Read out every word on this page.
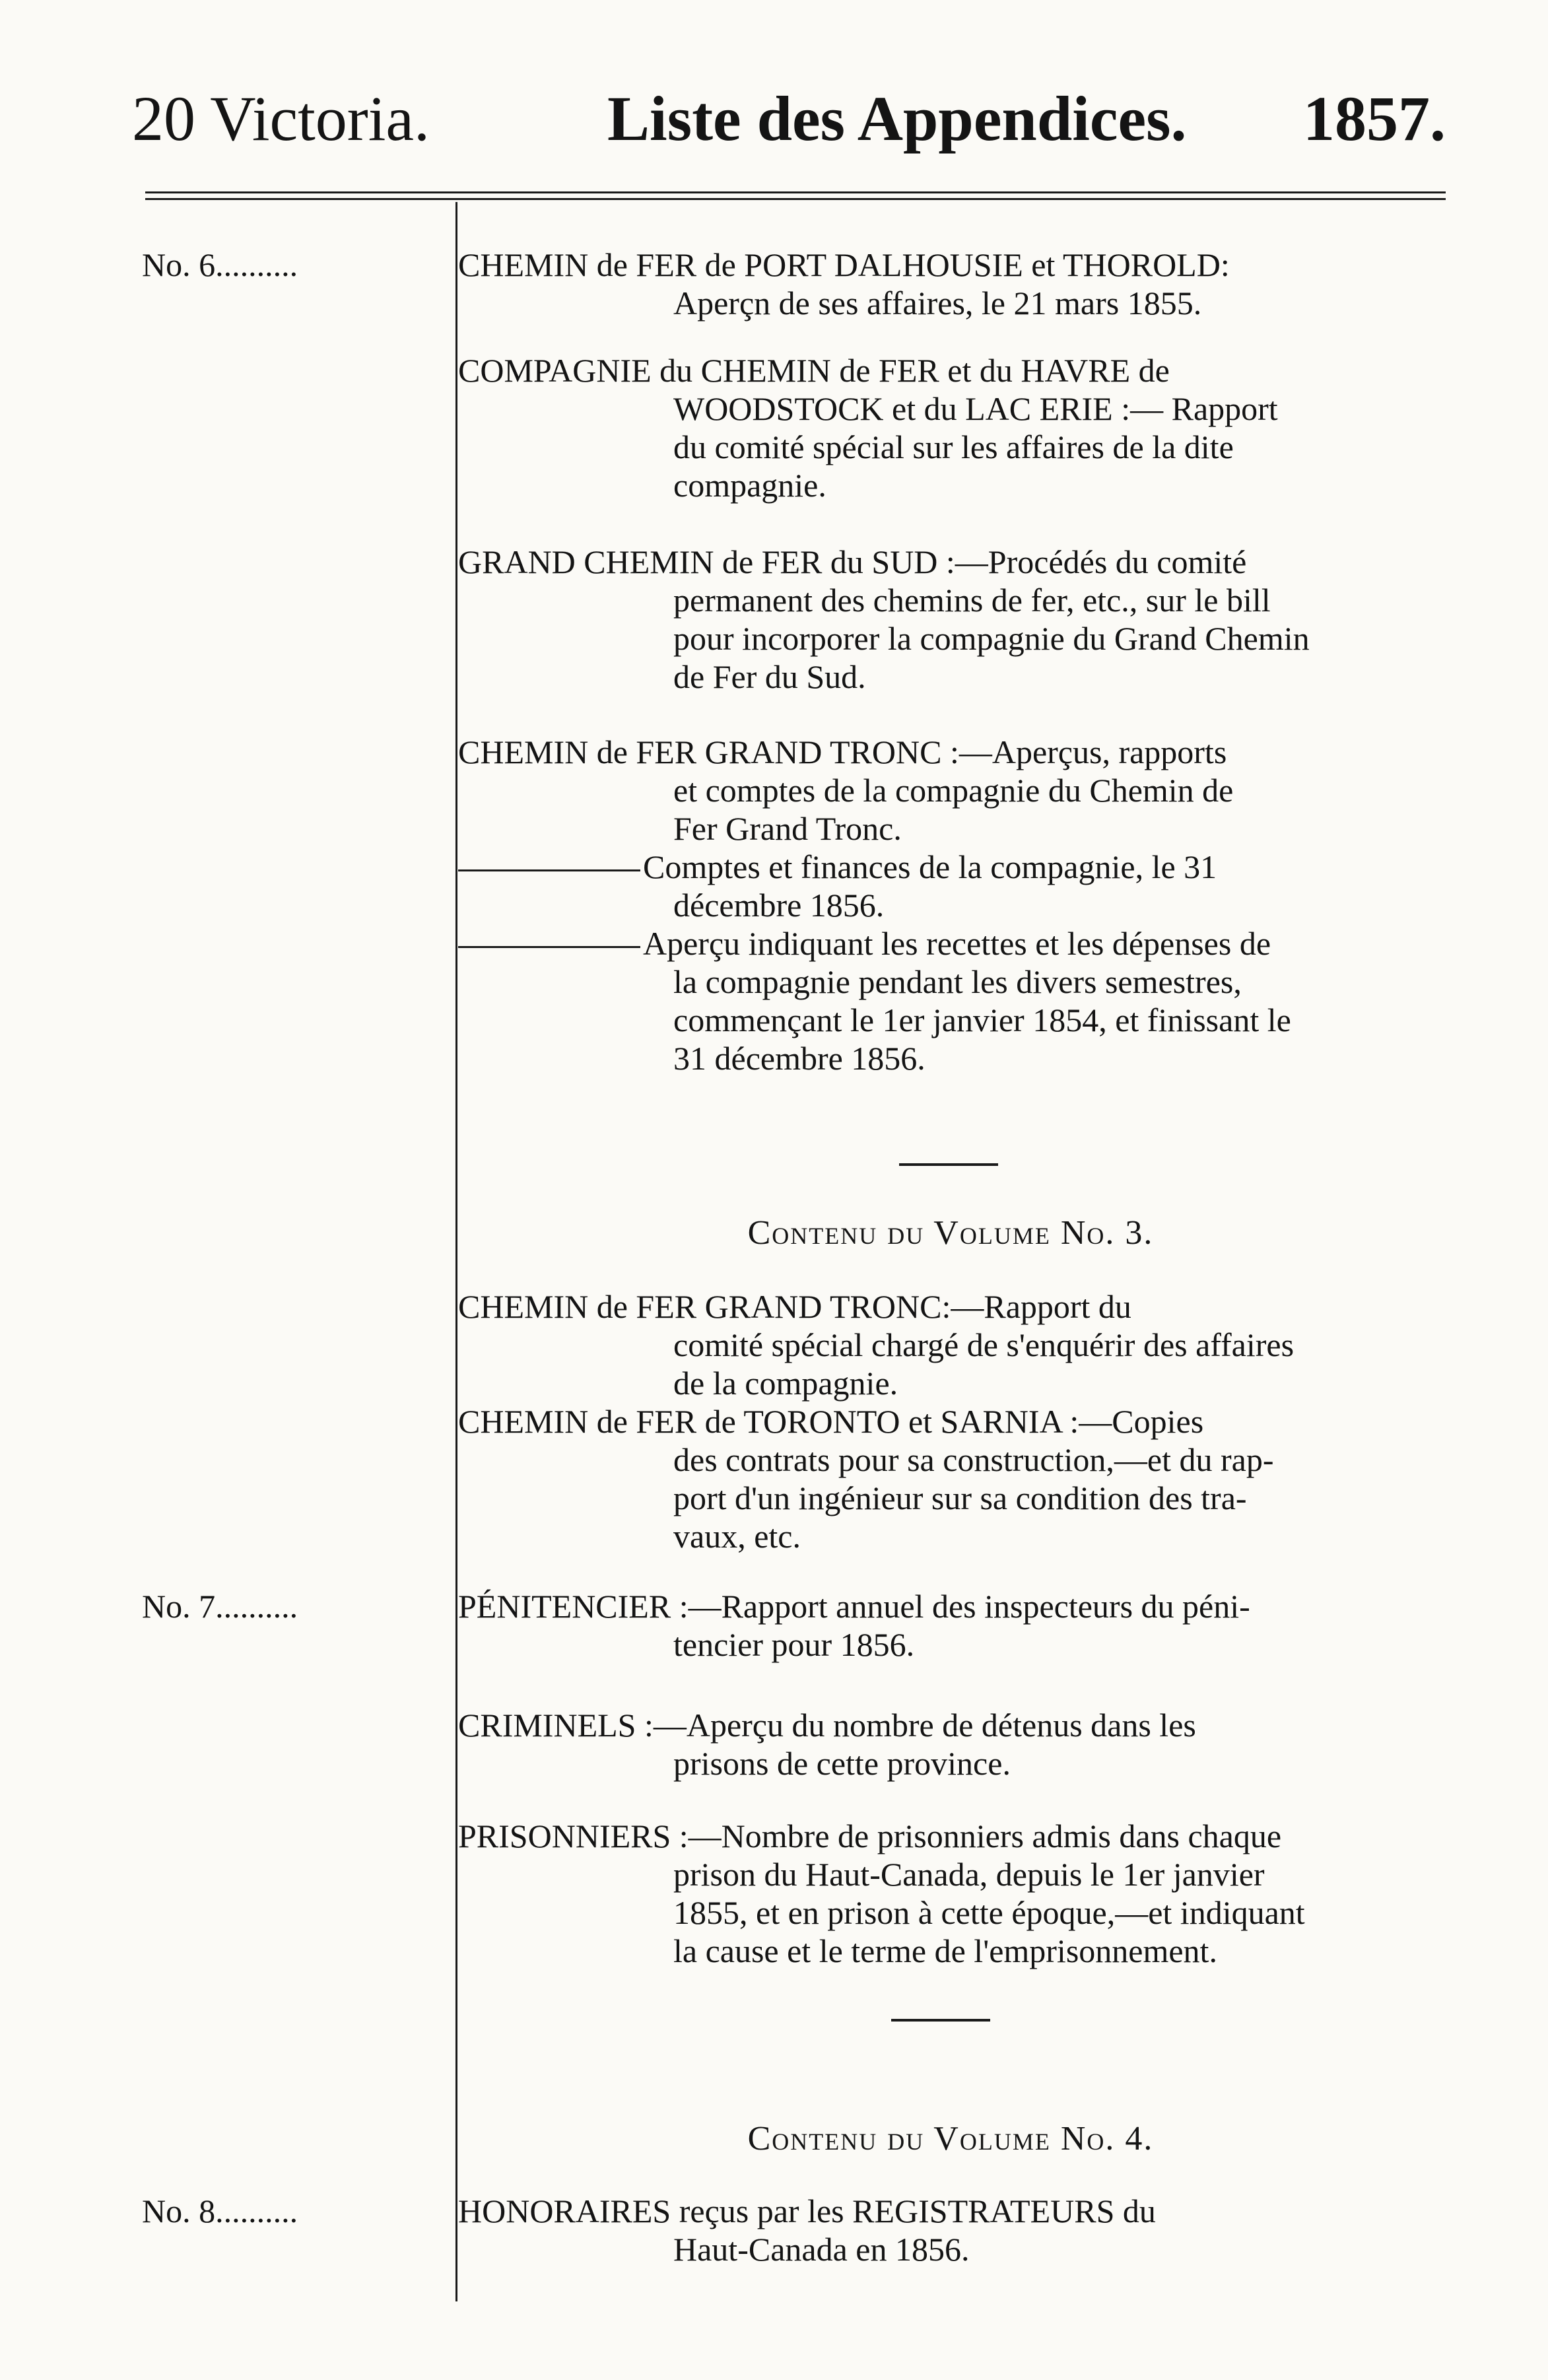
20 Victoria.	Liste des Appendices. 1857.
No. 6..........	CHEMIN de FER de PORT DALHOUSIE et THOROLD:
Aperçn de ses affaires, le 21 mars 1855.
COMPAGNIE du CHEMIN de FER et du HAVRE de
WOODSTOCK et du LAC ERIE :— Rapport
du comité spécial sur les affaires de la dite
compagnie.
GRAND CHEMIN de FER du SUD :—Procédés du comité
permanent des chemins de fer, etc., sur le bill
pour incorporer la compagnie du Grand Chemin
de Fer du Sud.
CHEMIN de FER GRAND TRONC :—Aperçus, rapports
et comptes de la compagnie du Chemin de
Fer Grand Tronc.
Comptes et finances de la compagnie, le 31
décembre 1856.
Aperçu indiquant les recettes et les dépenses de
la compagnie pendant les divers semestres,
commençant le 1er janvier 1854, et finissant le
31 décembre 1856.
Contenu du Volume No. 3.
CHEMIN de FER GRAND TRONC:—Rapport du
comité spécial chargé de s'enquérir des affaires
de la compagnie.
CHEMIN de FER de TORONTO et SARNIA :—Copies
des contrats pour sa construction,—et du rap-
port d'un ingénieur sur sa condition des tra-
vaux, etc.
No. 7..........	PÉNITENCIER :—Rapport annuel des inspecteurs du péni-
tencier pour 1856.
CRIMINELS :—Aperçu du nombre de détenus dans les
prisons de cette province.
PRISONNIERS :—Nombre de prisonniers admis dans chaque
prison du Haut-Canada, depuis le 1er janvier
1855, et en prison à cette époque,—et indiquant
la cause et le terme de l'emprisonnement.
Contenu du Volume No. 4.
No. 8..........	HONORAIRES reçus par les REGISTRATEURS du
Haut-Canada en 1856.
